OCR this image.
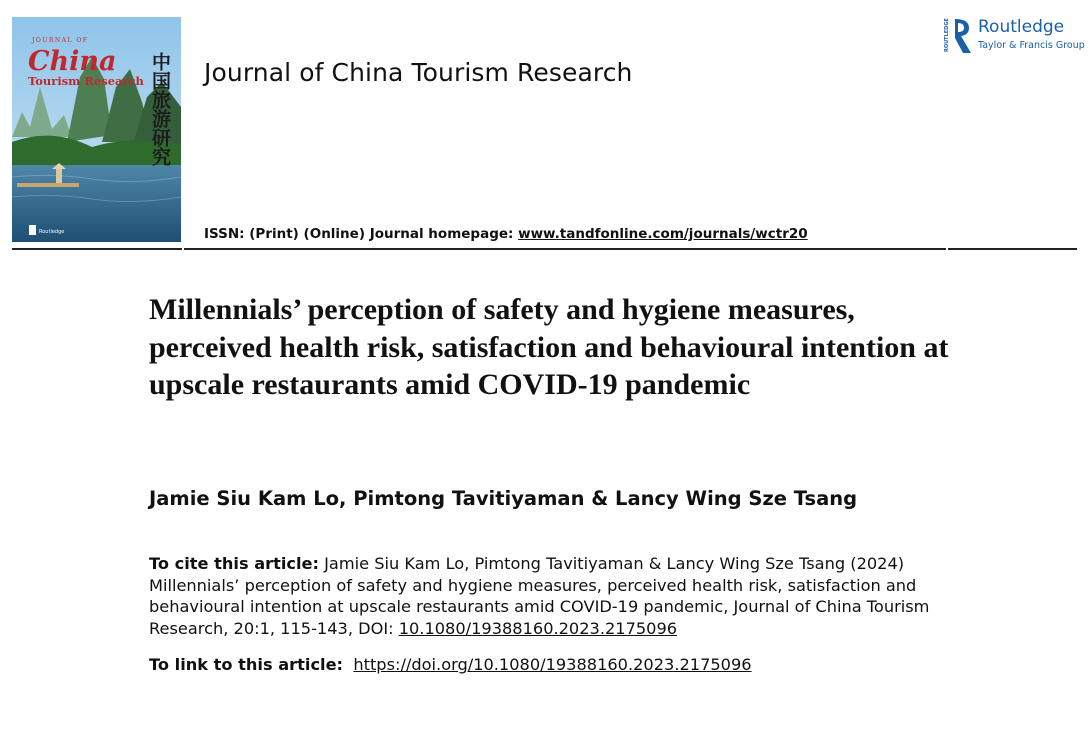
JOURNAL OF
China
Tourism Research 中国旅游研究
Routledge
Journal of China Tourism Research
ISSN: (Print) (Online) Journal homepage: www.tandfonline.com/journals/wctr20
ROUTLEDGE Routledge
Taylor & Francis Group
Millennials’ perception of safety and hygiene measures, perceived health risk, satisfaction and behavioural intention at upscale restaurants amid COVID-19 pandemic
Jamie Siu Kam Lo, Pimtong Tavitiyaman & Lancy Wing Sze Tsang

To cite this article: Jamie Siu Kam Lo, Pimtong Tavitiyaman & Lancy Wing Sze Tsang (2024) Millennials’ perception of safety and hygiene measures, perceived health risk, satisfaction and behavioural intention at upscale restaurants amid COVID-19 pandemic, Journal of China Tourism Research, 20:1, 115-143, DOI: 10.1080/19388160.2023.2175096

To link to this article: https://doi.org/10.1080/19388160.2023.2175096
